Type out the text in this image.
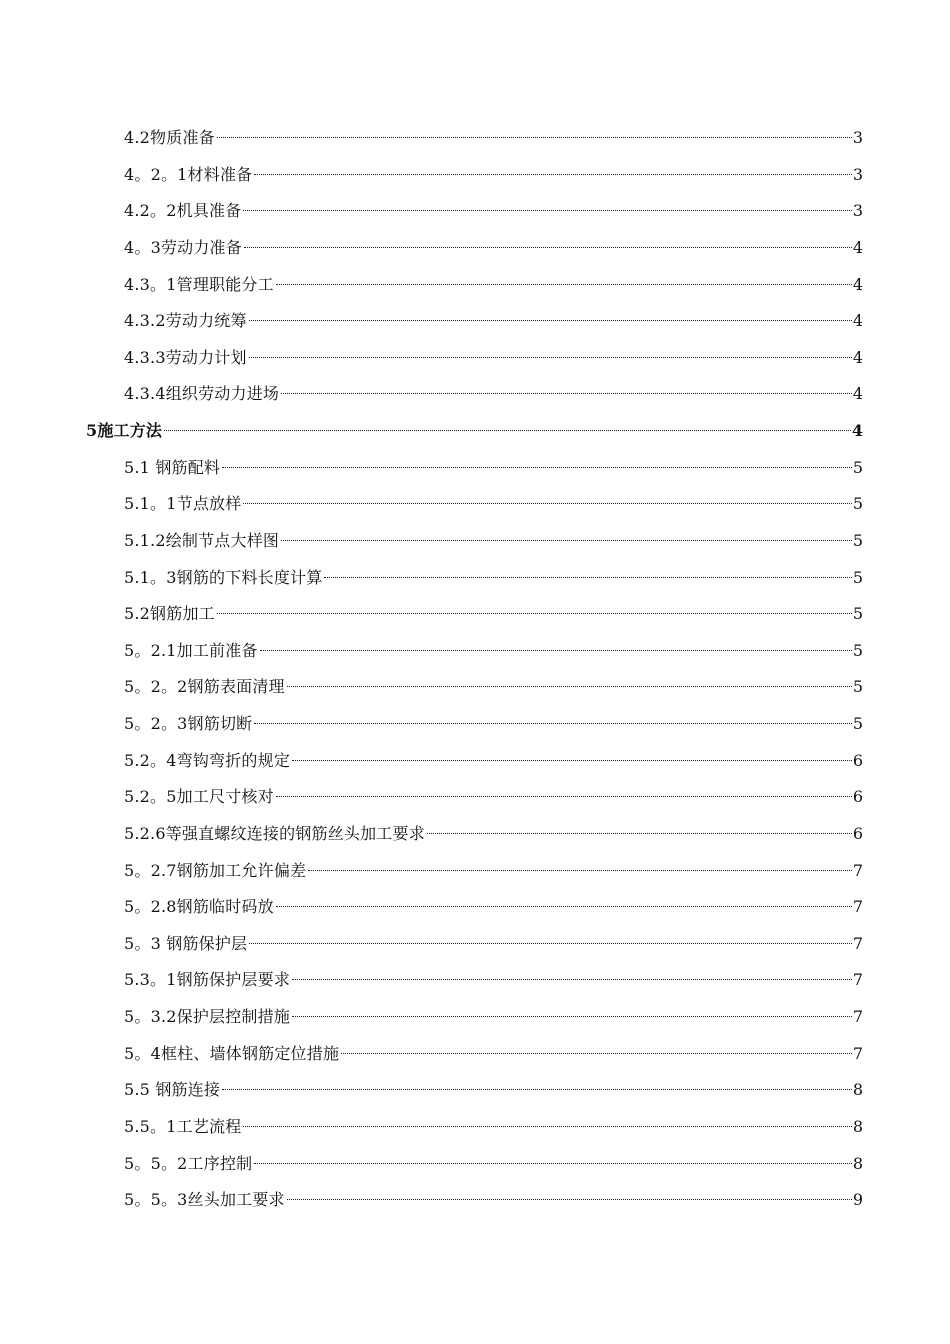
4.2物质准备	3
4。2。1材料准备	3
4.2。2机具准备	3
4。3劳动力准备	4
4.3。1管理职能分工	4
4.3.2劳动力统筹	4
4.3.3劳动力计划	4
4.3.4组织劳动力进场	4
5施工方法	4
5.1 钢筋配料	5
5.1。1节点放样	5
5.1.2绘制节点大样图	5
5.1。3钢筋的下料长度计算	5
5.2钢筋加工	5
5。2.1加工前准备	5
5。2。2钢筋表面清理	5
5。2。3钢筋切断	5
5.2。4弯钩弯折的规定	6
5.2。5加工尺寸核对	6
5.2.6等强直螺纹连接的钢筋丝头加工要求	6
5。2.7钢筋加工允许偏差	7
5。2.8钢筋临时码放	7
5。3 钢筋保护层	7
5.3。1钢筋保护层要求	7
5。3.2保护层控制措施	7
5。4框柱、墙体钢筋定位措施	7
5.5 钢筋连接	8
5.5。1工艺流程	8
5。5。2工序控制	8
5。5。3丝头加工要求	9
